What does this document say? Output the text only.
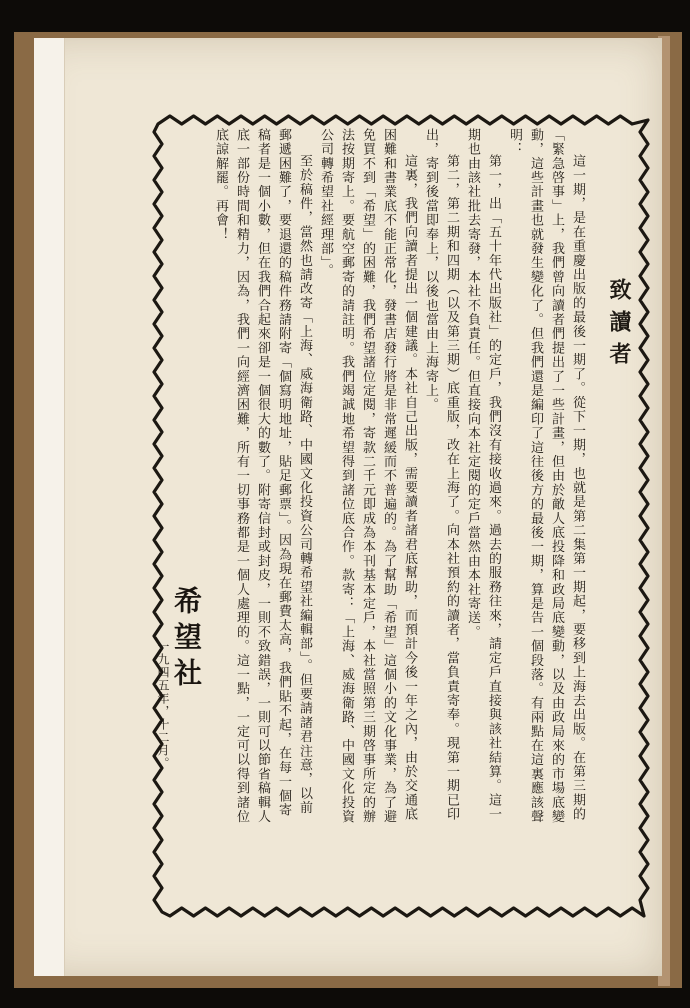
致讀者

這一期，是在重慶出版的最後一期了。從下一期，也就是第二集第一期起，要移到上海去出版。在第三期的「緊急啓事」上，我們曾向讀者們提出了一些計畫，但由於敵人底投降和政局底變動，以及由政局來的市場底變動，這些計畫也就發生變化了。但我們還是編印了這往後方的最後一期，算是告一個段落。有兩點在這裏應該聲明：

第一，出「五十年代出版社」的定戶，我們沒有接收過來。過去的服務往來，請定戶直接與該社結算。這一期也由該社批去寄發，本社不負責任。但直接向本社定閱的定戶當然由本社寄送。

第二，第二期和四期（以及第三期）底重版，改在上海了。向本社預約的讀者，當負責寄奉。現第一期已印出，寄到後當即奉上，以後也當由上海寄上。

這裏，我們向讀者提出一個建議。本社自己出版，需要讀者諸君底幫助，而預計今後一年之內，由於交通底困難和書業底不能正常化，發書店發行將是非常遲緩而不普遍的。為了幫助「希望」這個小的文化事業，為了避免買不到「希望」的困難，我們希望諸位定閱，寄款二千元即成為本刊基本定戶，本社當照第三期啓事所定的辦法按期寄上。要航空郵寄的請註明。我們竭誠地希望得到諸位底合作。款寄：「上海、威海衛路、中國文化投資公司轉希望社經理部」。

至於稿件，當然也請改寄「上海、威海衛路、中國文化投資公司轉希望社編輯部」。但要請諸君注意，以前郵遞困難了，要退還的稿件務請附寄「個寫明地址，貼足郵票」。因為現在郵費太高，我們貼不起，在每一個寄稿者是一個小數，但在我們合起來卻是一個很大的數了。附寄信封或封皮，一則不致錯誤，一則可以節省稿輯人底一部份時間和精力，因為，我們一向經濟困難，所有一切事務都是一個人處理的。這一點，一定可以得到諸位底諒解罷。再會！

希望社
一九四五年，十二月。
